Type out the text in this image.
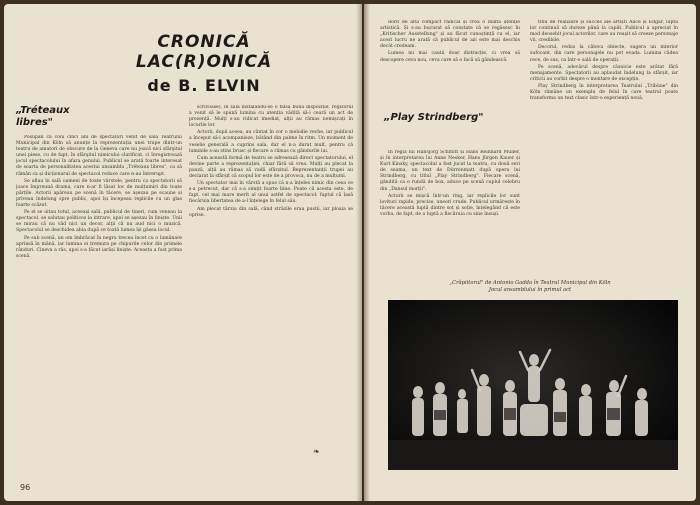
CRONICĂ LAC(R)ONICĂ
de B. ELVIN
„Tréteaux libres"

Posupan că coni cinci ani de spectatori venit de sala Teatrului Municipal din Köln să anunțe la reprezentația unei trupe dintr-un teatru de amatori de obscure de la Geneva care nu joacă nici sfârşitul unei piese, cu de fapt, în sfârşitul nimicului clarificat, ci înregistrează jocul spectacolului în afara genului. Publicul se arată foarte interesat de soarta de personalitatea acestui ansamblu „Tréteaux libres", ca să rămân ca și dicționarul de spectacol reduce care n-au întrerupt.

Se aflau în sală oameni de toate vârstele, pentru ca spectatorii să joace împreună drama, care n-ar fi lăsat loc de mulțumiri din toate părțile. Actorii apăreau pe scenă în tăcere, se așezau pe scaune și priveau îndelung spre public, apoi își începeau replicile cu un glas foarte scăzut.

Pe el se uitau totul, aceeași sală, publicul de tineri, cum veneau la spectacol, se salutau politicos la intrare, apoi se așezau în liniște. Unii se mirau că nu văd nici un decor, alții că nu aud nici o muzică. Spectacolul se deschidea abia după ce toată lumea își găsea locul.

Pe sub scenă, un om îmbrăcat în negru trecea încet cu o lumânare aprinsă în mână, iar lumina ei tremura pe chipurile celor din primele rânduri. Cineva a râs, apoi s-a făcut iarăși liniște. Aceasta a fost prima scenă.

scrivoase), în sală instalându-se o falsă bună dispoziție, regizorul a venit să le spună lumina cu atenția vădită să-i ceară un act de prezență. Mulți s-au ridicat imediat, alții au rămas nemișcați în locurile lor.

Actorii, după aceea, au cântat în cor o melodie veche, iar publicul a început să-i acompanieze, bătând din palme în ritm. Un moment de veselie generală a cuprins sala, dar el n-a durat mult, pentru că luminile s-au stins brusc și fiecare a rămas cu gândurile lui.

Cum această formă de teatru se adresează direct spectatorului, el devine parte a reprezentației, chiar fără să vrea. Mulți au plecat la pauză, alții au rămas să vadă sfârșitul. Reprezentanții trupei au declarat la sfârșit că scopul lor este de a provoca, nu de a mulțumi.

Un spectator mai în vârstă a spus că n-a înțeles nimic din ceea ce s-a petrecut, dar că s-a simțit foarte bine. Poate că acesta este, de fapt, cel mai mare merit al unui astfel de spectacol: faptul că lasă fiecăruia libertatea de a-l înțelege în felul său.

Am plecat târziu din sală, când străzile erau pustii, iar ploaia se oprise.

96

dorit de altă compact radical și crea o înaltă atenție artistică. Și s-au bucurat să constate că se regăsesc în „Kritischer Ausstellung" și au făcut cunoștință cu el, iar acest lucru ne arată că publicul de azi este mai deschis decât credeam.

Lumea nu mai caută doar distracție, ci vrea să descopere ceva nou, ceva care să o facă să gândească.

„Play Strindberg"

În regia lui Hansjörg Schmitt și Hans Reinhard Müller, și în interpretarea lui Anne Nesker, Hans Jürgen Kauer și Kurt Kinsky, spectacolul a fost jucat la teatru, cu două seri de seama, un text de Dürrenmatt după opera lui Strindberg, cu titlul „Play Strindberg". Fiecare scenă, gândită ca o rundă de box, aduce pe scenă cuplul celebru din „Dansul morții".

Actorii se mișcă într-un ring, iar replicile lor sunt lovituri rapide, precise, uneori crude. Publicul urmărește în tăcere această luptă dintre soț și soție, înțelegând că este vorba, de fapt, de o luptă a fiecăruia cu sine însuși.

titlu de realizare și succes ale artiști Alice și Edgar, lupta lor continuă să dureze până la capăt. Publicul a apreciat în mod deosebit jocul actorilor, care au reușit să creeze personaje vii, credibile.

Decorul, redus la câteva obiecte, sugera un interior sufocant, din care personajele nu pot evada. Lumina cădea rece, de sus, ca într-o sală de operații.

Pe scenă, adevărul despre căsnicie este arătat fără menajamente. Spectatorii au aplaudat îndelung la sfârșit, iar criticii au vorbit despre o montare de excepție.

Play Strindberg în interpretarea Teatrului „Tribüne" din Köln rămâne un exemplu de felul în care teatrul poate transforma un text clasic într-o experiență nouă.

❧
„Crăpiitorul" de Antonio Gadda în Teatrul Municipal din Köln
Jocul ansamblului în primul act
